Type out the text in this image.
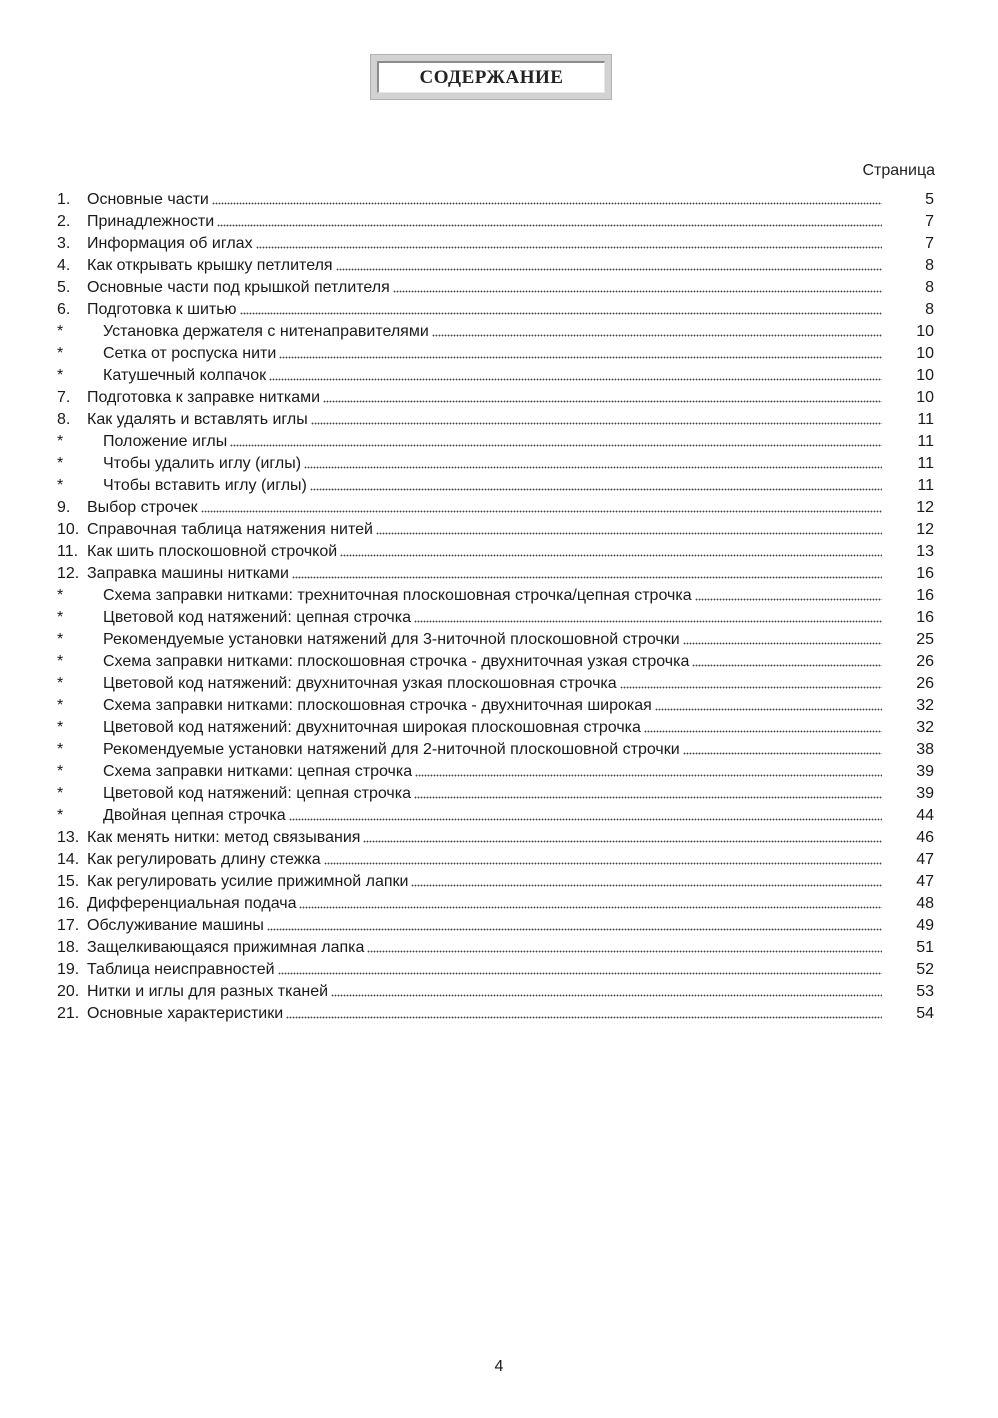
СОДЕРЖАНИЕ
Страница
1.	Основные части	5
2.	Принадлежности	7
3.	Информация об иглах	7
4.	Как открывать крышку петлителя	8
5.	Основные части под крышкой петлителя	8
6.	Подготовка к шитью	8
*	Установка держателя с нитенаправителями	10
*	Сетка от роспуска нити	10
*	Катушечный колпачок	10
7.	Подготовка к заправке нитками	10
8.	Как удалять и вставлять иглы	11
*	Положение иглы	11
*	Чтобы удалить иглу (иглы)	11
*	Чтобы вставить иглу (иглы)	11
9.	Выбор строчек	12
10. Справочная таблица натяжения нитей	12
11. Как шить плоскошовной строчкой	13
12. Заправка машины нитками	16
*	Схема заправки нитками: трехниточная плоскошовная строчка/цепная строчка	16
*	Цветовой код натяжений: цепная строчка	16
*	Рекомендуемые установки натяжений для 3-ниточной плоскошовной строчки	25
*	Схема заправки нитками: плоскошовная строчка - двухниточная узкая строчка	26
*	Цветовой код натяжений: двухниточная узкая плоскошовная строчка	26
*	Схема заправки нитками: плоскошовная строчка - двухниточная широкая	32
*	Цветовой код натяжений: двухниточная широкая плоскошовная строчка	32
*	Рекомендуемые установки натяжений для 2-ниточной плоскошовной строчки	38
*	Схема заправки нитками: цепная строчка	39
*	Цветовой код натяжений: цепная строчка	39
*	Двойная цепная строчка	44
13. Как менять нитки: метод связывания	46
14. Как регулировать длину стежка	47
15. Как регулировать усилие прижимной лапки	47
16. Дифференциальная подача	48
17. Обслуживание машины	49
18. Защелкивающаяся прижимная лапка	51
19. Таблица неисправностей	52
20. Нитки и иглы для разных тканей	53
21. Основные характеристики	54
4
